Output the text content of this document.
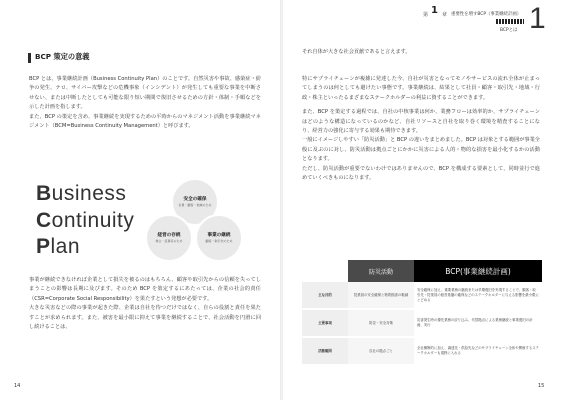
BCP 策定の意義

BCP とは、事業継続計画（Business Continuity Plan）のことです。自然災害や事故、感染症・紛争の発生、テロ、サイバー攻撃などの危機事象（インシデント）が発生しても重要な事業を中断させない、または中断したとしても可能な限り短い期間で復旧させるための方針・体制・手順などを示した計画を指します。

また、BCP の策定を含め、事業継続を実現するための平時からのマネジメント活動を事業継続マネジメント（BCM=Business Continuity Management）と呼びます。

Business
Continuity
Plan
安全の確保
社員・顧客・地域のため
経営の存続
株主・投資家のため
事業の継続
顧客・取引先のため

事業が継続できなければ企業として損失を被るのはもちろん、顧客や取引先からの信頼を失ってしまうことの影響は長期に及びます。そのため BCP を策定するにあたっては、企業の社会的責任（CSR=Corporate Social Responsibility）を果たすという発想が必要です。

大きな災害などの際の事業が起きた際、企業は自社を待つだけではなく、自らの役割と責任を果たすことが求められます。また、被害を最小限に抑えて事業を継続することで、社会活動を円滑に回し続けることは、

14
第 1 章 重要性を増すBCP（事業継続計画）
BCPとは 1

それ自体が大きな社会貢献であると言えます。

特にサプライチェーンが複雑に発達した今、自社が災害となってモノやサービスの流れ全体が止まってしまうのは何としても避けたい事態です。事業継続は、結果として社員・顧客・取引先・地域・行政・株主といったるまざまなステークホルダーの利益に資することができます。

また、BCP を策定する過程では、自社の中核事業は何か、業務フローは効率的か、サプライチェーンはどのような構造になっているのかなど、自社リソースと自社を取り巻く環境を精査することになり、経営力の強化に寄与する効果も期待できます。

一般にイメージしやすい「防災活動」と BCP の違いをまとめました。BCP は対象とする範囲が事業全般に及ぶのに対し、防災活動は拠点ごとにかかに災害による人的・物的な損害を最小化するかの活動となります。

ただし、防災活動が重要でないわけではありませんので、BCP を構成する要素として、同時並行で進めていくべきものになります。

	防災活動	BCP(事業継続計画)
主な目的	従業員の安全確保と物的損害の軽減	安全確保に加え、重要業務の継続または早期復旧を実現することで、顧客・取引先・従業員の経営基盤の確保などのステークホルダーに与える影響を最小限にとどめる
主要事項	防災・安全対策	災害発生時の優先業務の絞り込み、代替拠点による業務継続と事業復旧の計画、実行
活動範囲	自社の拠点ごと	全社横断的に加え、調達先・供給先などのサプライチェーン全体や関係するステークホルダーも視野に入れる
15
